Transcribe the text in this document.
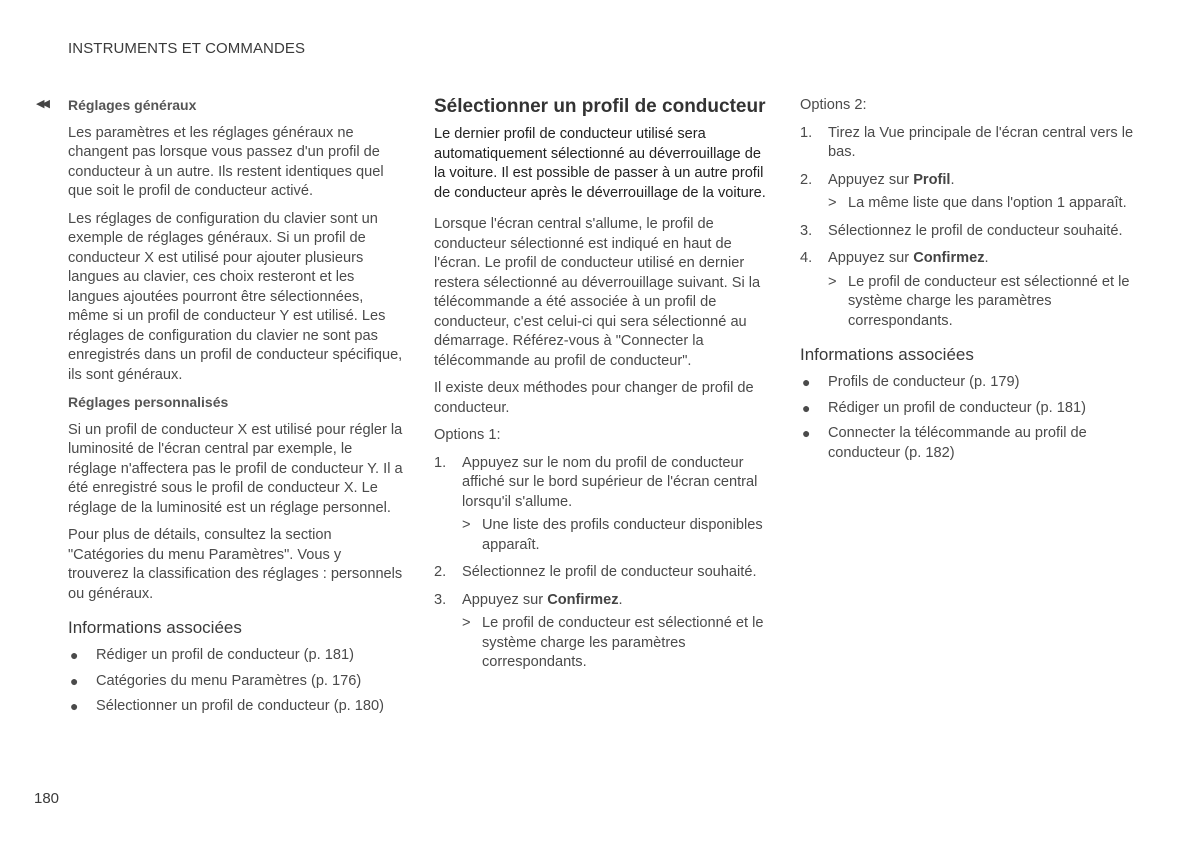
INSTRUMENTS ET COMMANDES
◀◀ Réglages généraux

Les paramètres et les réglages généraux ne changent pas lorsque vous passez d'un profil de conducteur à un autre. Ils restent identiques quel que soit le profil de conducteur activé.

Les réglages de configuration du clavier sont un exemple de réglages généraux. Si un profil de conducteur X est utilisé pour ajouter plusieurs langues au clavier, ces choix resteront et les langues ajoutées pourront être sélectionnées, même si un profil de conducteur Y est utilisé. Les réglages de configuration du clavier ne sont pas enregistrés dans un profil de conducteur spécifique, ils sont généraux.

Réglages personnalisés

Si un profil de conducteur X est utilisé pour régler la luminosité de l'écran central par exemple, le réglage n'affectera pas le profil de conducteur Y. Il a été enregistré sous le profil de conducteur X. Le réglage de la luminosité est un réglage personnel.

Pour plus de détails, consultez la section "Catégories du menu Paramètres". Vous y trouverez la classification des réglages : personnels ou généraux.

Informations associées

● Rédiger un profil de conducteur (p. 181)
● Catégories du menu Paramètres (p. 176)
● Sélectionner un profil de conducteur (p. 180)

Sélectionner un profil de conducteur

Le dernier profil de conducteur utilisé sera automatiquement sélectionné au déverrouillage de la voiture. Il est possible de passer à un autre profil de conducteur après le déverrouillage de la voiture.

Lorsque l'écran central s'allume, le profil de conducteur sélectionné est indiqué en haut de l'écran. Le profil de conducteur utilisé en dernier restera sélectionné au déverrouillage suivant. Si la télécommande a été associée à un profil de conducteur, c'est celui-ci qui sera sélectionné au démarrage. Référez-vous à "Connecter la télécommande au profil de conducteur".

Il existe deux méthodes pour changer de profil de conducteur.

Options 1:

1. Appuyez sur le nom du profil de conducteur affiché sur le bord supérieur de l'écran central lorsqu'il s'allume.
> Une liste des profils conducteur disponibles apparaît.
2. Sélectionnez le profil de conducteur souhaité.
3. Appuyez sur Confirmez.
> Le profil de conducteur est sélectionné et le système charge les paramètres correspondants.

Options 2:

1. Tirez la Vue principale de l'écran central vers le bas.
2. Appuyez sur Profil.
> La même liste que dans l'option 1 apparaît.
3. Sélectionnez le profil de conducteur souhaité.
4. Appuyez sur Confirmez.
> Le profil de conducteur est sélectionné et le système charge les paramètres correspondants.

Informations associées

● Profils de conducteur (p. 179)
● Rédiger un profil de conducteur (p. 181)
● Connecter la télécommande au profil de conducteur (p. 182)
180
